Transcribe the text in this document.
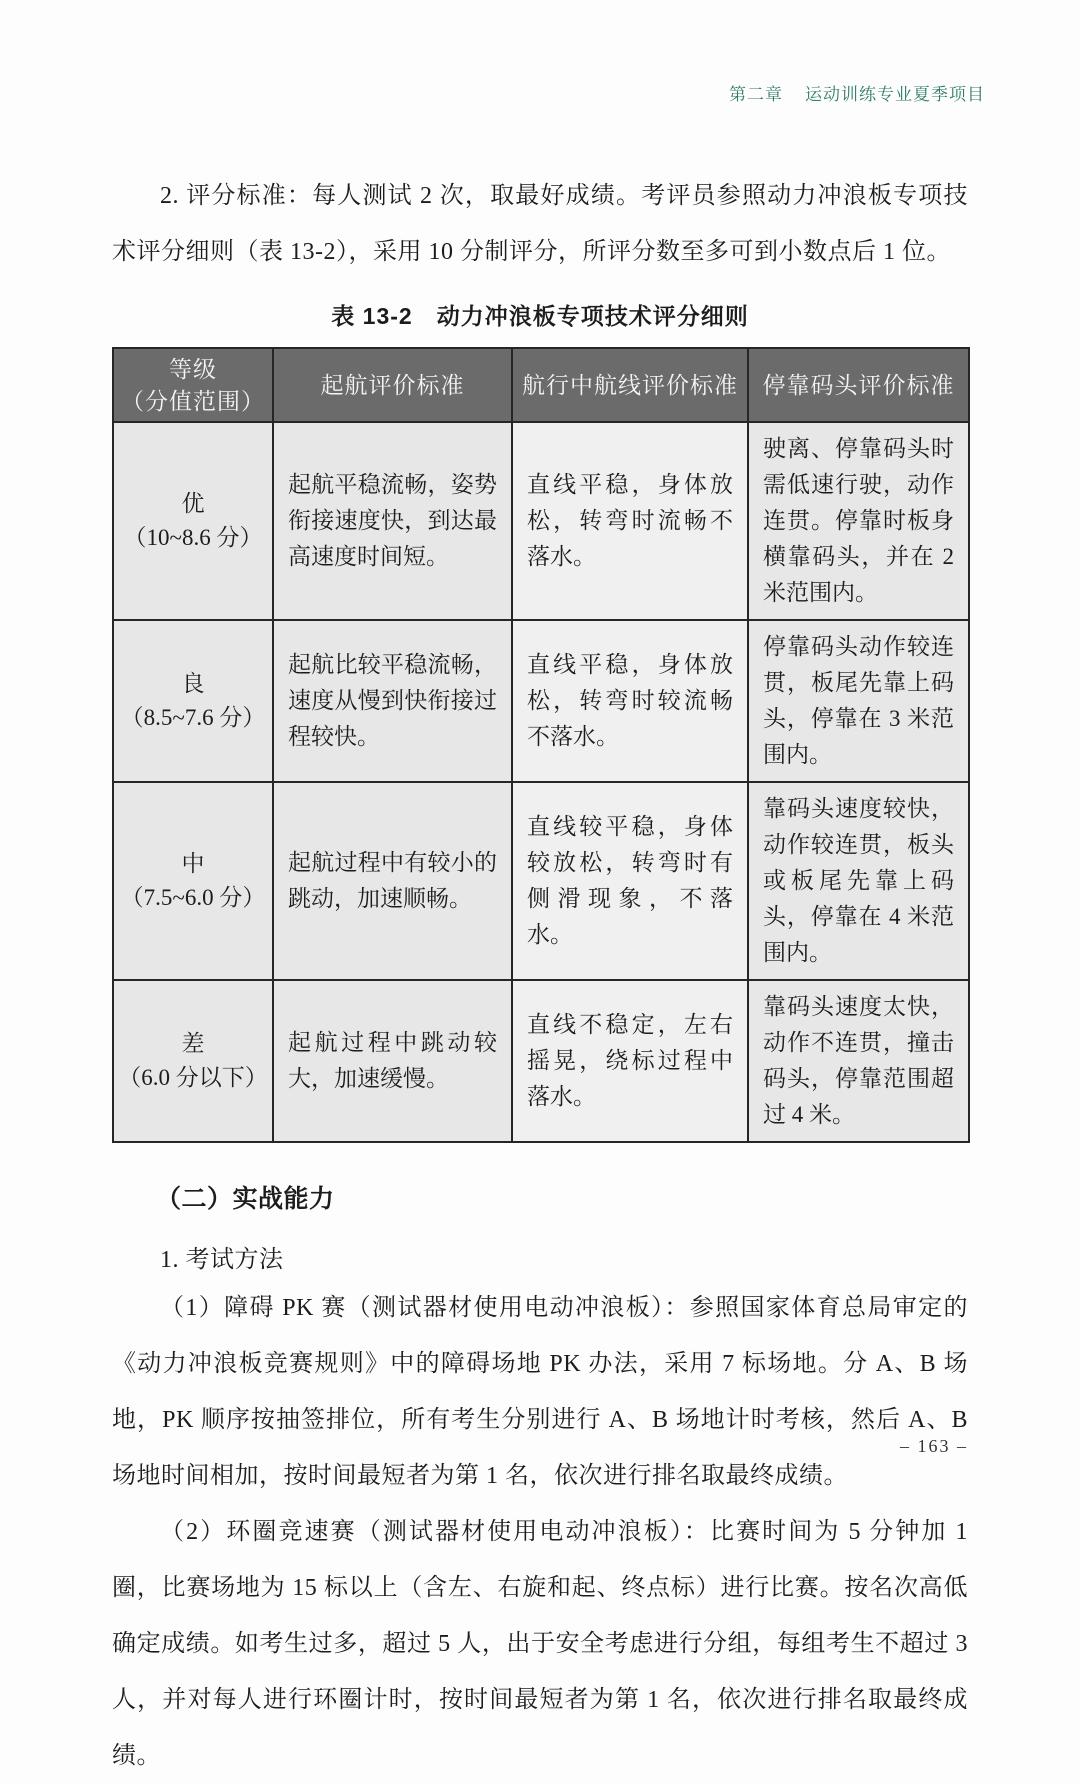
第二章 运动训练专业夏季项目

2. 评分标准：每人测试 2 次，取最好成绩。考评员参照动力冲浪板专项技术评分细则（表 13-2），采用 10 分制评分，所评分数至多可到小数点后 1 位。

表 13-2　动力冲浪板专项技术评分细则
等级
（分值范围）	起航评价标准	航行中航线评价标准	停靠码头评价标准

优
（10~8.6 分）	起航平稳流畅，姿势衔接速度快，到达最高速度时间短。	直线平稳，身体放松，转弯时流畅不落水。	驶离、停靠码头时需低速行驶，动作连贯。停靠时板身横靠码头，并在 2 米范围内。

良
（8.5~7.6 分）	起航比较平稳流畅，速度从慢到快衔接过程较快。	直线平稳，身体放松，转弯时较流畅不落水。	停靠码头动作较连贯，板尾先靠上码头，停靠在 3 米范围内。

中
（7.5~6.0 分）	起航过程中有较小的跳动，加速顺畅。	直线较平稳，身体较放松，转弯时有侧滑现象，不落水。	靠码头速度较快，动作较连贯，板头或板尾先靠上码头，停靠在 4 米范围内。

差
（6.0 分以下）	起航过程中跳动较大，加速缓慢。	直线不稳定，左右摇晃，绕标过程中落水。	靠码头速度太快，动作不连贯，撞击码头，停靠范围超过 4 米。
（二）实战能力
1. 考试方法

（1）障碍 PK 赛（测试器材使用电动冲浪板）：参照国家体育总局审定的《动力冲浪板竞赛规则》中的障碍场地 PK 办法，采用 7 标场地。分 A、B 场地，PK 顺序按抽签排位，所有考生分别进行 A、B 场地计时考核，然后 A、B 场地时间相加，按时间最短者为第 1 名，依次进行排名取最终成绩。

（2）环圈竞速赛（测试器材使用电动冲浪板）：比赛时间为 5 分钟加 1 圈，比赛场地为 15 标以上（含左、右旋和起、终点标）进行比赛。按名次高低确定成绩。如考生过多，超过 5 人，出于安全考虑进行分组，每组考生不超过 3 人，并对每人进行环圈计时，按时间最短者为第 1 名，依次进行排名取最终成绩。

– 163 –
